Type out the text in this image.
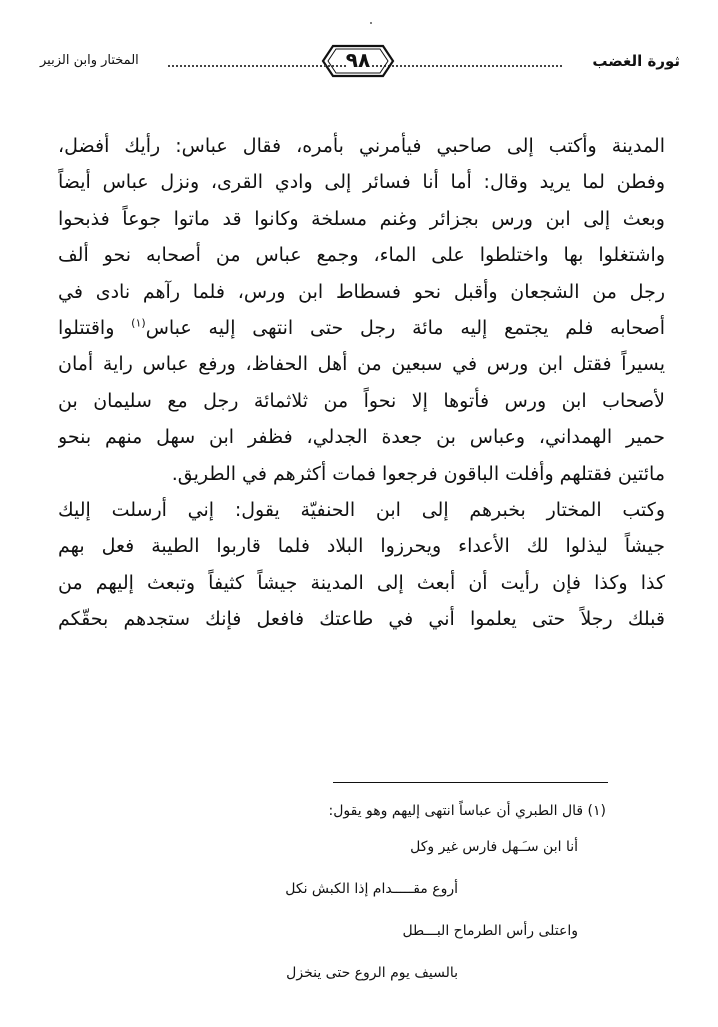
ثورة الغضب
٩٨
المختار وابن الزبير
المدينة وأكتب إلى صاحبي فيأمرني بأمره، فقال عباس: رأيك أفضل،
وفطن لما يريد وقال: أما أنا فسائر إلى وادي القرى، ونزل عباس أيضاً
وبعث إلى ابن ورس بجزائر وغنم مسلخة وكانوا قد ماتوا جوعاً فذبحوا
واشتغلوا بها واختلطوا على الماء، وجمع عباس من أصحابه نحو ألف
رجل من الشجعان وأقبل نحو فسطاط ابن ورس، فلما رآهم نادى في
أصحابه فلم يجتمع إليه مائة رجل حتى انتهى إليه عباس$^{(١)}$ واقتتلوا
يسيراً فقتل ابن ورس في سبعين من أهل الحفاظ، ورفع عباس راية أمان
لأصحاب ابن ورس فأتوها إلا نحواً من ثلاثمائة رجل مع سليمان بن
حمير الهمداني، وعباس بن جعدة الجدلي، فظفر ابن سهل منهم بنحو
مائتين فقتلهم وأفلت الباقون فرجعوا فمات أكثرهم في الطريق.
وكتب المختار بخبرهم إلى ابن الحنفيّة يقول: إني أرسلت إليك
جيشاً ليذلوا لك الأعداء ويحرزوا البلاد فلما قاربوا الطيبة فعل بهم
كذا وكذا فإن رأيت أن أبعث إلى المدينة جيشاً كثيفاً وتبعث إليهم من
قبلك رجلاً حتى يعلموا أني في طاعتك فافعل فإنك ستجدهم بحقّكم
(١) قال الطبري أن عباساً انتهى إليهم وهو يقول:
أنا ابن سـَـهل فارس غير وكل
أروع مقـــــدام إذا الكبش نكل
واعتلى رأس الطرماح البـــطل
بالسيف يوم الروع حتى ينخزل
